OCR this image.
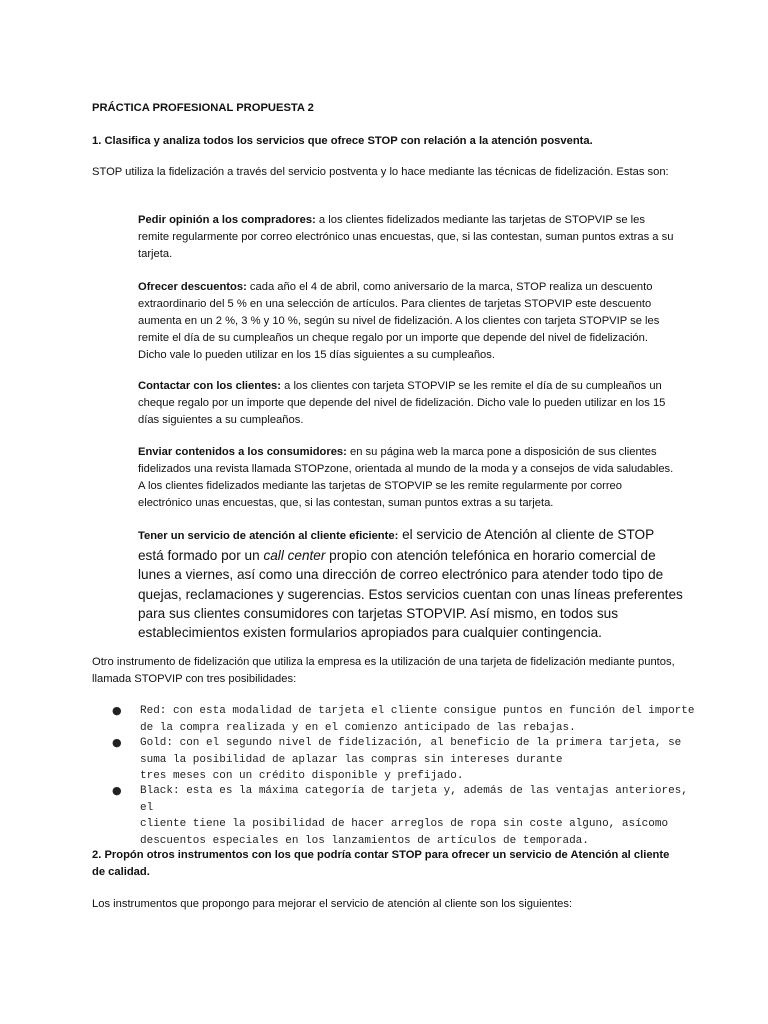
PRÁCTICA PROFESIONAL PROPUESTA 2

1. Clasifica y analiza todos los servicios que ofrece STOP con relación a la atención posventa.

STOP utiliza la fidelización a través del servicio postventa y lo hace mediante las técnicas de fidelización. Estas son:

Pedir opinión a los compradores: a los clientes fidelizados mediante las tarjetas de STOPVIP se les remite regularmente por correo electrónico unas encuestas, que, si las contestan, suman puntos extras a su tarjeta.

Ofrecer descuentos: cada año el 4 de abril, como aniversario de la marca, STOP realiza un descuento extraordinario del 5 % en una selección de artículos. Para clientes de tarjetas STOPVIP este descuento aumenta en un 2 %, 3 % y 10 %, según su nivel de fidelización. A los clientes con tarjeta STOPVIP se les remite el día de su cumpleaños un cheque regalo por un importe que depende del nivel de fidelización. Dicho vale lo pueden utilizar en los 15 días siguientes a su cumpleaños.

Contactar con los clientes: a los clientes con tarjeta STOPVIP se les remite el día de su cumpleaños un cheque regalo por un importe que depende del nivel de fidelización. Dicho vale lo pueden utilizar en los 15 días siguientes a su cumpleaños.

Enviar contenidos a los consumidores: en su página web la marca pone a disposición de sus clientes fidelizados una revista llamada STOPzone, orientada al mundo de la moda y a consejos de vida saludables. A los clientes fidelizados mediante las tarjetas de STOPVIP se les remite regularmente por correo electrónico unas encuestas, que, si las contestan, suman puntos extras a su tarjeta.

Tener un servicio de atención al cliente eficiente: el servicio de Atención al cliente de STOP está formado por un call center propio con atención telefónica en horario comercial de lunes a viernes, así como una dirección de correo electrónico para atender todo tipo de quejas, reclamaciones y sugerencias. Estos servicios cuentan con unas líneas preferentes para sus clientes consumidores con tarjetas STOPVIP. Así mismo, en todos sus establecimientos existen formularios apropiados para cualquier contingencia.

Otro instrumento de fidelización que utiliza la empresa es la utilización de una tarjeta de fidelización mediante puntos, llamada STOPVIP con tres posibilidades:

● Red: con esta modalidad de tarjeta el cliente consigue puntos en función del importe
de la compra realizada y en el comienzo anticipado de las rebajas.
● Gold: con el segundo nivel de fidelización, al beneficio de la primera tarjeta, se
suma la posibilidad de aplazar las compras sin intereses durante
tres meses con un crédito disponible y prefijado.
● Black: esta es la máxima categoría de tarjeta y, además de las ventajas anteriores, el
cliente tiene la posibilidad de hacer arreglos de ropa sin coste alguno, asícomo
descuentos especiales en los lanzamientos de artículos de temporada.

2. Propón otros instrumentos con los que podría contar STOP para ofrecer un servicio de Atención al cliente de calidad.

Los instrumentos que propongo para mejorar el servicio de atención al cliente son los siguientes:
